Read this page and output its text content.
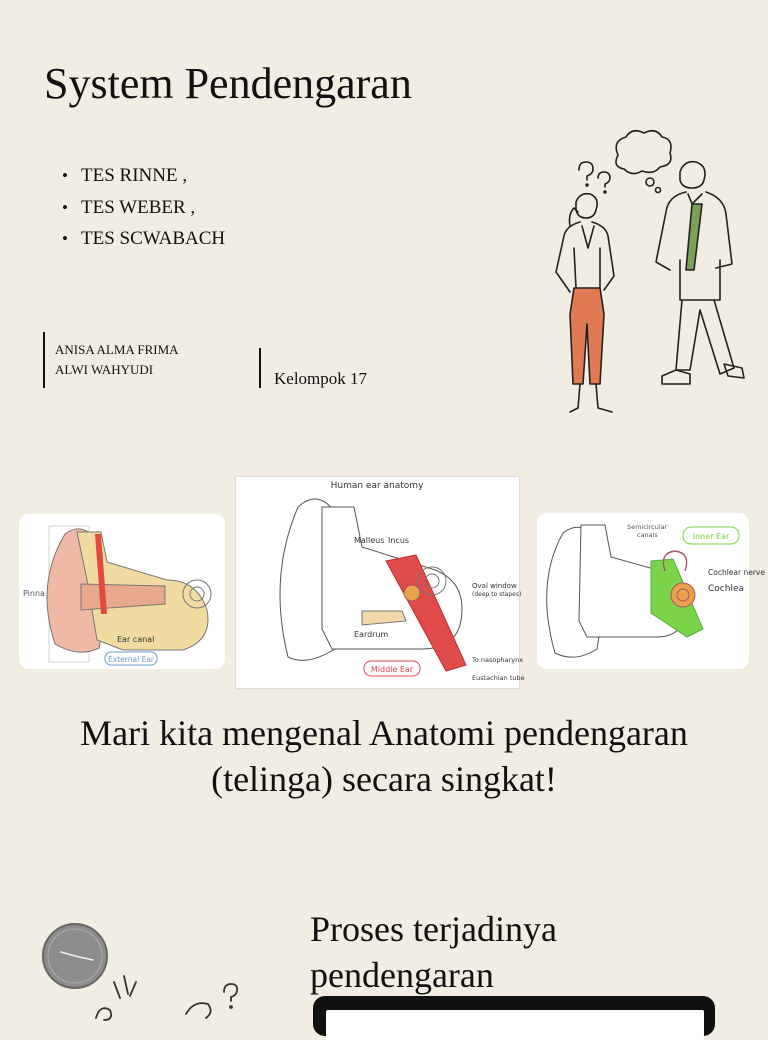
System Pendengaran
• TES RINNE ,
• TES WEBER ,
• TES SCWABACH
ANISA ALMA FRIMA
ALWI WAHYUDI	Kelompok 17
Pinna
Ear canal
External Ear
Human ear anatomy
Malleus Incus
Oval window
(deep to stapes)
Eardrum
To nasopharynx
Eustachian tube
Middle Ear
Semicircular
canals	Inner Ear
Cochlear nerve
Cochlea
Mari kita mengenal Anatomi pendengaran (telinga) secara singkat!
Proses terjadinya pendengaran
